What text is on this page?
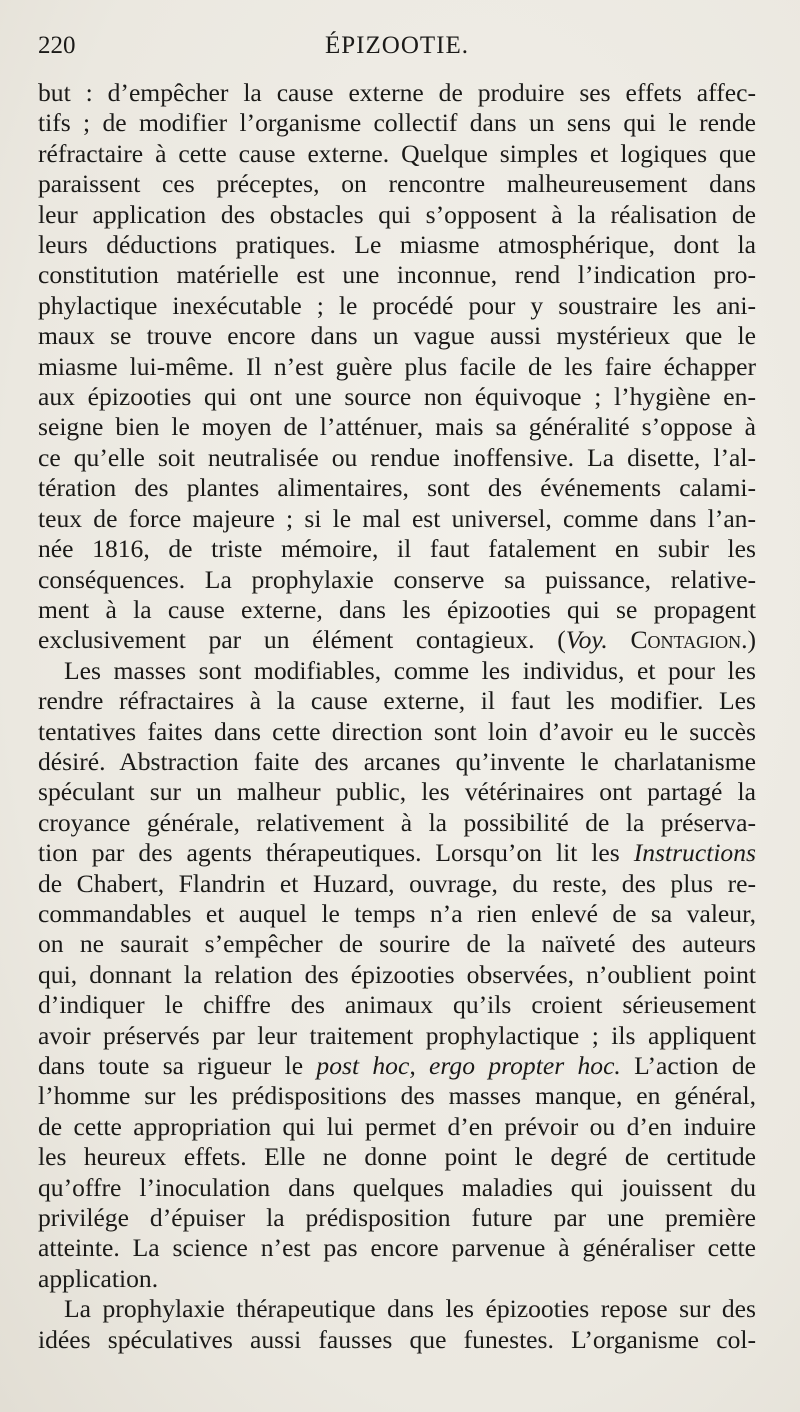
220	ÉPIZOOTIE.
but : d’empêcher la cause externe de produire ses effets affec-
tifs ; de modifier l’organisme collectif dans un sens qui le rende
réfractaire à cette cause externe. Quelque simples et logiques que
paraissent ces préceptes, on rencontre malheureusement dans
leur application des obstacles qui s’opposent à la réalisation de
leurs déductions pratiques. Le miasme atmosphérique, dont la
constitution matérielle est une inconnue, rend l’indication pro-
phylactique inexécutable ; le procédé pour y soustraire les ani-
maux se trouve encore dans un vague aussi mystérieux que le
miasme lui-même. Il n’est guère plus facile de les faire échapper
aux épizooties qui ont une source non équivoque ; l’hygiène en-
seigne bien le moyen de l’atténuer, mais sa généralité s’oppose à
ce qu’elle soit neutralisée ou rendue inoffensive. La disette, l’al-
tération des plantes alimentaires, sont des événements calami-
teux de force majeure ; si le mal est universel, comme dans l’an-
née 1816, de triste mémoire, il faut fatalement en subir les
conséquences. La prophylaxie conserve sa puissance, relative-
ment à la cause externe, dans les épizooties qui se propagent
exclusivement par un élément contagieux. (Voy. Contagion.)
Les masses sont modifiables, comme les individus, et pour les
rendre réfractaires à la cause externe, il faut les modifier. Les
tentatives faites dans cette direction sont loin d’avoir eu le succès
désiré. Abstraction faite des arcanes qu’invente le charlatanisme
spéculant sur un malheur public, les vétérinaires ont partagé la
croyance générale, relativement à la possibilité de la préserva-
tion par des agents thérapeutiques. Lorsqu’on lit les Instructions
de Chabert, Flandrin et Huzard, ouvrage, du reste, des plus re-
commandables et auquel le temps n’a rien enlevé de sa valeur,
on ne saurait s’empêcher de sourire de la naïveté des auteurs
qui, donnant la relation des épizooties observées, n’oublient point
d’indiquer le chiffre des animaux qu’ils croient sérieusement
avoir préservés par leur traitement prophylactique ; ils appliquent
dans toute sa rigueur le post hoc, ergo propter hoc. L’action de
l’homme sur les prédispositions des masses manque, en général,
de cette appropriation qui lui permet d’en prévoir ou d’en induire
les heureux effets. Elle ne donne point le degré de certitude
qu’offre l’inoculation dans quelques maladies qui jouissent du
privilége d’épuiser la prédisposition future par une première
atteinte. La science n’est pas encore parvenue à généraliser cette
application.
La prophylaxie thérapeutique dans les épizooties repose sur des
idées spéculatives aussi fausses que funestes. L’organisme col-
